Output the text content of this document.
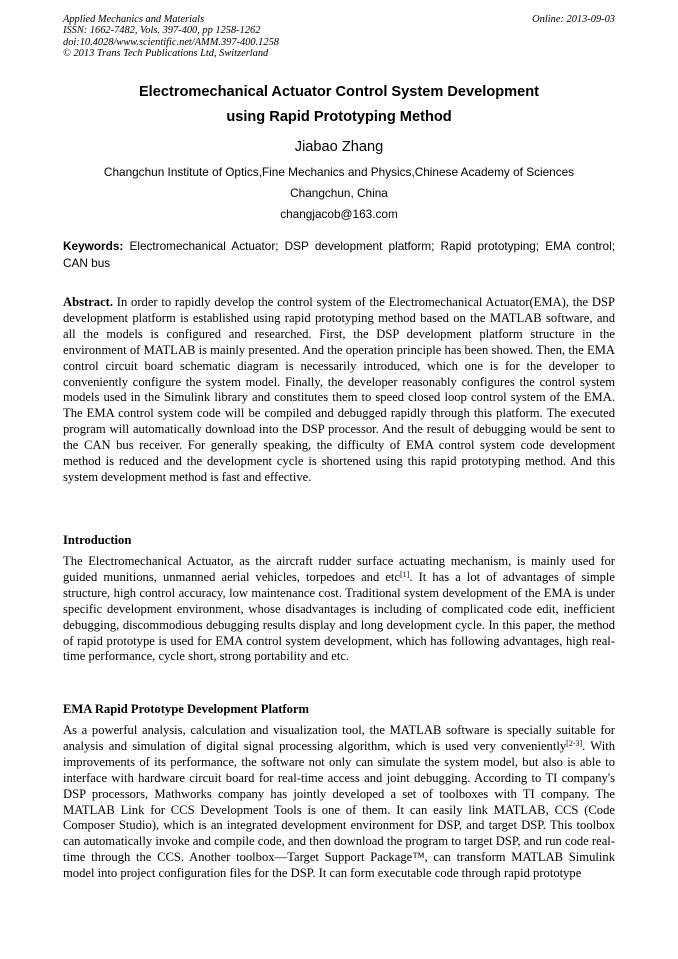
Applied Mechanics and Materials
ISSN: 1662-7482, Vols. 397-400, pp 1258-1262
doi:10.4028/www.scientific.net/AMM.397-400.1258
© 2013 Trans Tech Publications Ltd, Switzerland
Online: 2013-09-03
Electromechanical Actuator Control System Development
using Rapid Prototyping Method
Jiabao Zhang
Changchun Institute of Optics,Fine Mechanics and Physics,Chinese Academy of Sciences
Changchun, China
changjacob@163.com
Keywords: Electromechanical Actuator; DSP development platform; Rapid prototyping; EMA control; CAN bus
Abstract. In order to rapidly develop the control system of the Electromechanical Actuator(EMA), the DSP development platform is established using rapid prototyping method based on the MATLAB software, and all the models is configured and researched. First, the DSP development platform structure in the environment of MATLAB is mainly presented. And the operation principle has been showed. Then, the EMA control circuit board schematic diagram is necessarily introduced, which one is for the developer to conveniently configure the system model. Finally, the developer reasonably configures the control system models used in the Simulink library and constitutes them to speed closed loop control system of the EMA. The EMA control system code will be compiled and debugged rapidly through this platform. The executed program will automatically download into the DSP processor. And the result of debugging would be sent to the CAN bus receiver. For generally speaking, the difficulty of EMA control system code development method is reduced and the development cycle is shortened using this rapid prototyping method. And this system development method is fast and effective.
Introduction
The Electromechanical Actuator, as the aircraft rudder surface actuating mechanism, is mainly used for guided munitions, unmanned aerial vehicles, torpedoes and etc[1]. It has a lot of advantages of simple structure, high control accuracy, low maintenance cost. Traditional system development of the EMA is under specific development environment, whose disadvantages is including of complicated code edit, inefficient debugging, discommodious debugging results display and long development cycle. In this paper, the method of rapid prototype is used for EMA control system development, which has following advantages, high real-time performance, cycle short, strong portability and etc.
EMA Rapid Prototype Development Platform
As a powerful analysis, calculation and visualization tool, the MATLAB software is specially suitable for analysis and simulation of digital signal processing algorithm, which is used very conveniently[2-3]. With improvements of its performance, the software not only can simulate the system model, but also is able to interface with hardware circuit board for real-time access and joint debugging. According to TI company's DSP processors, Mathworks company has jointly developed a set of toolboxes with TI company. The MATLAB Link for CCS Development Tools is one of them. It can easily link MATLAB, CCS (Code Composer Studio), which is an integrated development environment for DSP, and target DSP. This toolbox can automatically invoke and compile code, and then download the program to target DSP, and run code real-time through the CCS. Another toolbox—Target Support Package™, can transform MATLAB Simulink model into project configuration files for the DSP. It can form executable code through rapid prototype
